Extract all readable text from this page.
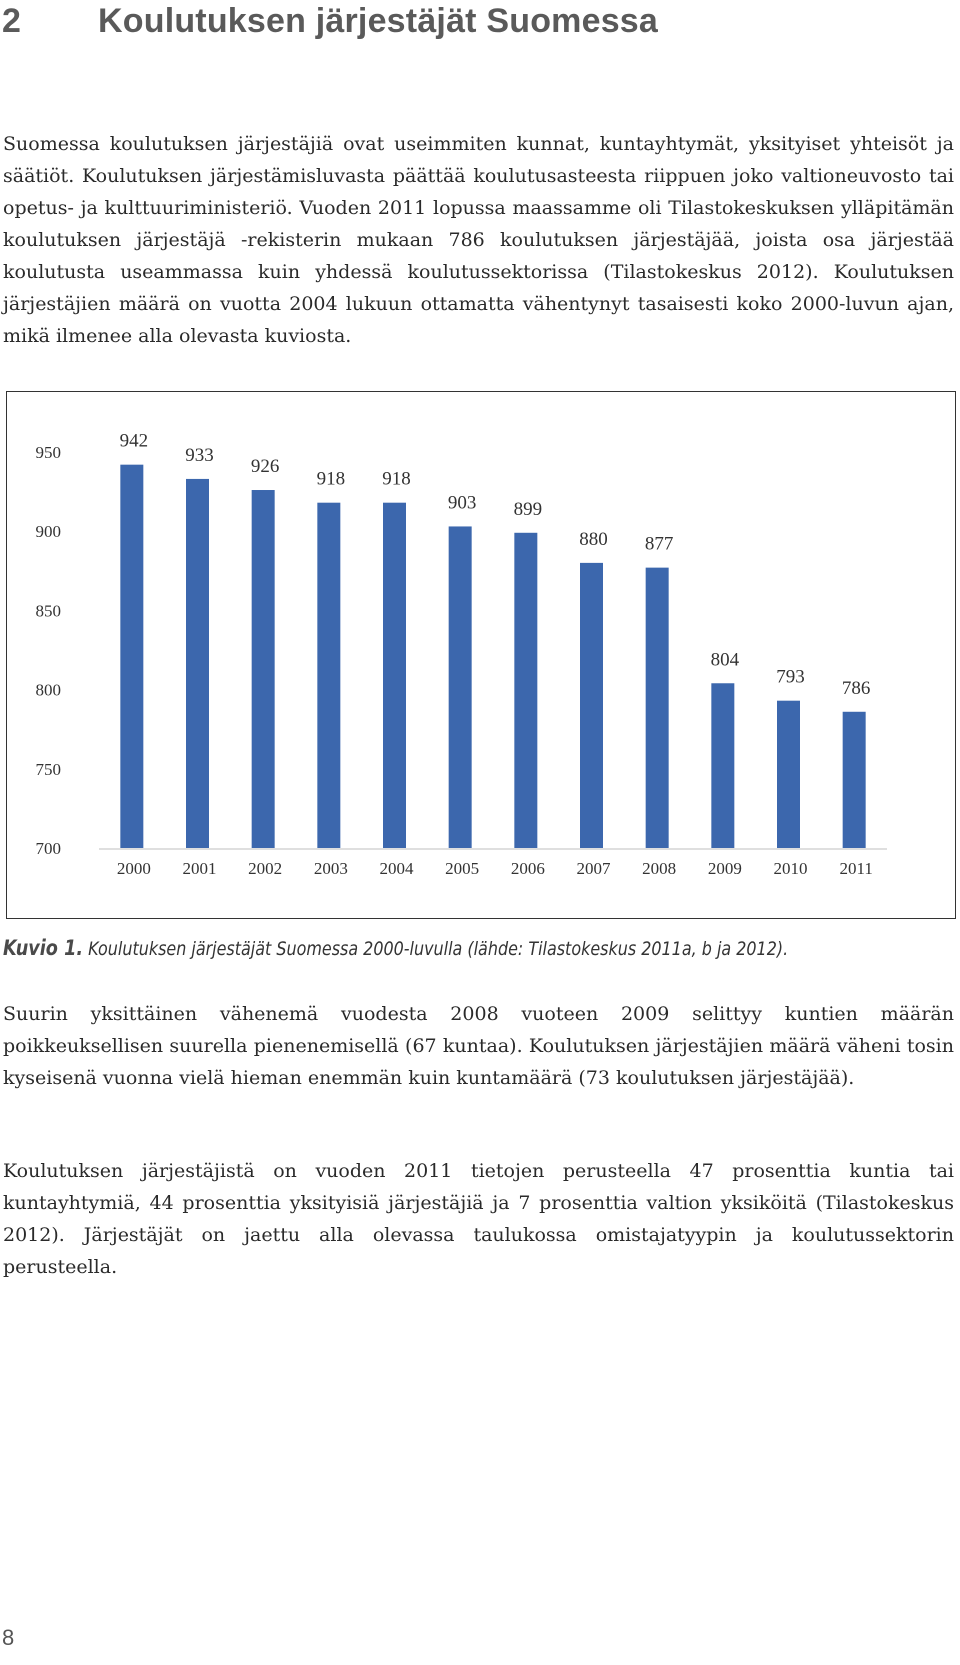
2 Koulutuksen järjestäjät Suomessa

Suomessa koulutuksen järjestäjiä ovat useimmiten kunnat, kuntayhtymät, yksityiset yhteisöt ja säätiöt. Koulutuksen järjestämisluvasta päättää koulutusasteesta riippuen joko valtioneuvosto tai opetus- ja kulttuuriministeriö. Vuoden 2011 lopussa maassamme oli Tilastokeskuksen ylläpitämän koulutuksen järjestäjä -rekisterin mukaan 786 koulutuksen järjestäjää, joista osa järjestää koulutusta useammassa kuin yhdessä koulutussektorissa (Tilastokeskus 2012). Koulutuksen järjestäjien määrä on vuotta 2004 lukuun ottamatta vähentynyt tasaisesti koko 2000-luvun ajan, mikä ilmenee alla olevasta kuviosta.

950
900
850
800
750
700
942
2000
933
2001
926
2002
918
2003
918
2004
903
2005
899
2006
880
2007
877
2008
804
2009
793
2010
786
2011

Kuvio 1. Koulutuksen järjestäjät Suomessa 2000-luvulla (lähde: Tilastokeskus 2011a, b ja 2012).

Suurin yksittäinen vähenemä vuodesta 2008 vuoteen 2009 selittyy kuntien määrän poikkeuksellisen suurella pienenemisellä (67 kuntaa). Koulutuksen järjestäjien määrä väheni tosin kyseisenä vuonna vielä hieman enemmän kuin kuntamäärä (73 koulutuksen järjestäjää).

Koulutuksen järjestäjistä on vuoden 2011 tietojen perusteella 47 prosenttia kuntia tai kuntayhtymiä, 44 prosenttia yksityisiä järjestäjiä ja 7 prosenttia valtion yksiköitä (Tilastokeskus 2012). Järjestäjät on jaettu alla olevassa taulukossa omistajatyypin ja koulutussektorin perusteella.

8
